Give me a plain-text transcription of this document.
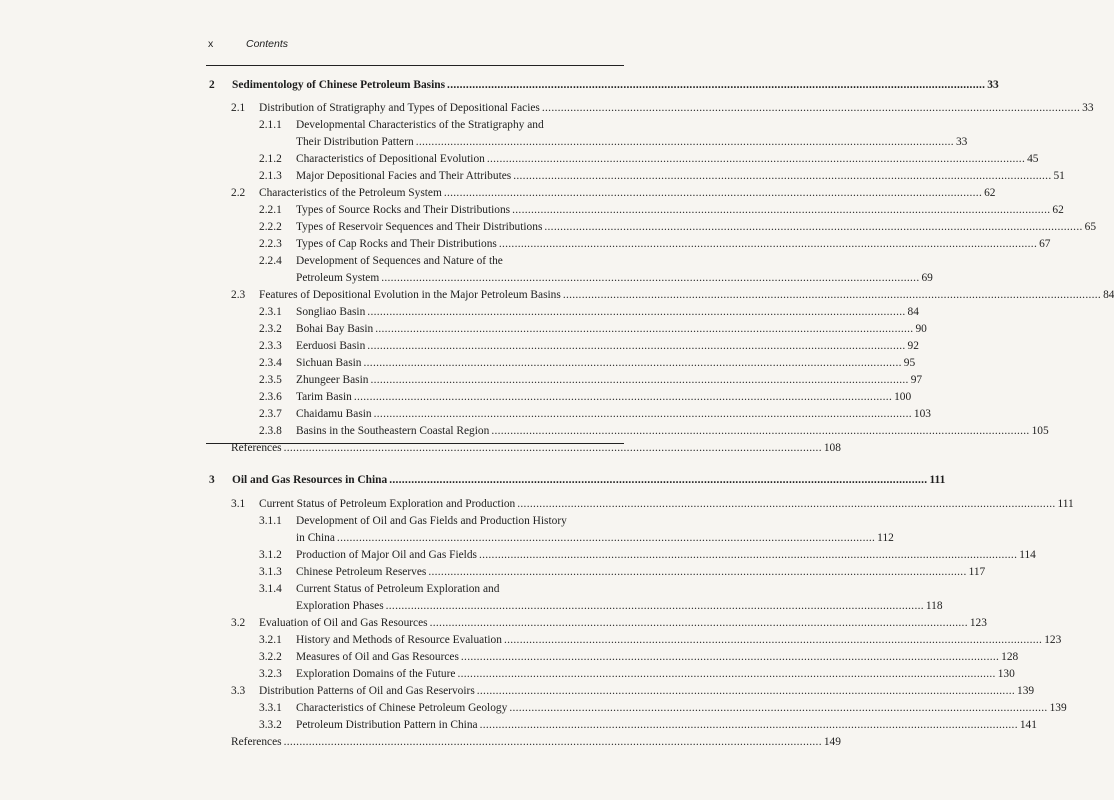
x	Contents
2 Sedimentology of Chinese Petroleum Basins .....	33
2.1 Distribution of Stratigraphy and Types of Depositional Facies .....	33
2.1.1 Developmental Characteristics of the Stratigraphy and
Their Distribution Pattern .....	33
2.1.2 Characteristics of Depositional Evolution .....	45
2.1.3 Major Depositional Facies and Their Attributes .....	51
2.2 Characteristics of the Petroleum System .....	62
2.2.1 Types of Source Rocks and Their Distributions .....	62
2.2.2 Types of Reservoir Sequences and Their Distributions .....	65
2.2.3 Types of Cap Rocks and Their Distributions .....	67
2.2.4 Development of Sequences and Nature of the
Petroleum System .....	69
2.3 Features of Depositional Evolution in the Major Petroleum Basins .....	84
2.3.1 Songliao Basin .....	84
2.3.2 Bohai Bay Basin .....	90
2.3.3 Eerduosi Basin .....	92
2.3.4 Sichuan Basin .....	95
2.3.5 Zhungeer Basin .....	97
2.3.6 Tarim Basin .....	100
2.3.7 Chaidamu Basin .....	103
2.3.8 Basins in the Southeastern Coastal Region .....	105
References .....	108
3 Oil and Gas Resources in China .....	111
3.1 Current Status of Petroleum Exploration and Production .....	111
3.1.1 Development of Oil and Gas Fields and Production History
in China .....	112
3.1.2 Production of Major Oil and Gas Fields .....	114
3.1.3 Chinese Petroleum Reserves .....	117
3.1.4 Current Status of Petroleum Exploration and
Exploration Phases .....	118
3.2 Evaluation of Oil and Gas Resources .....	123
3.2.1 History and Methods of Resource Evaluation .....	123
3.2.2 Measures of Oil and Gas Resources .....	128
3.2.3 Exploration Domains of the Future .....	130
3.3 Distribution Patterns of Oil and Gas Reservoirs .....	139
3.3.1 Characteristics of Chinese Petroleum Geology .....	139
3.3.2 Petroleum Distribution Pattern in China .....	141
References .....	149
